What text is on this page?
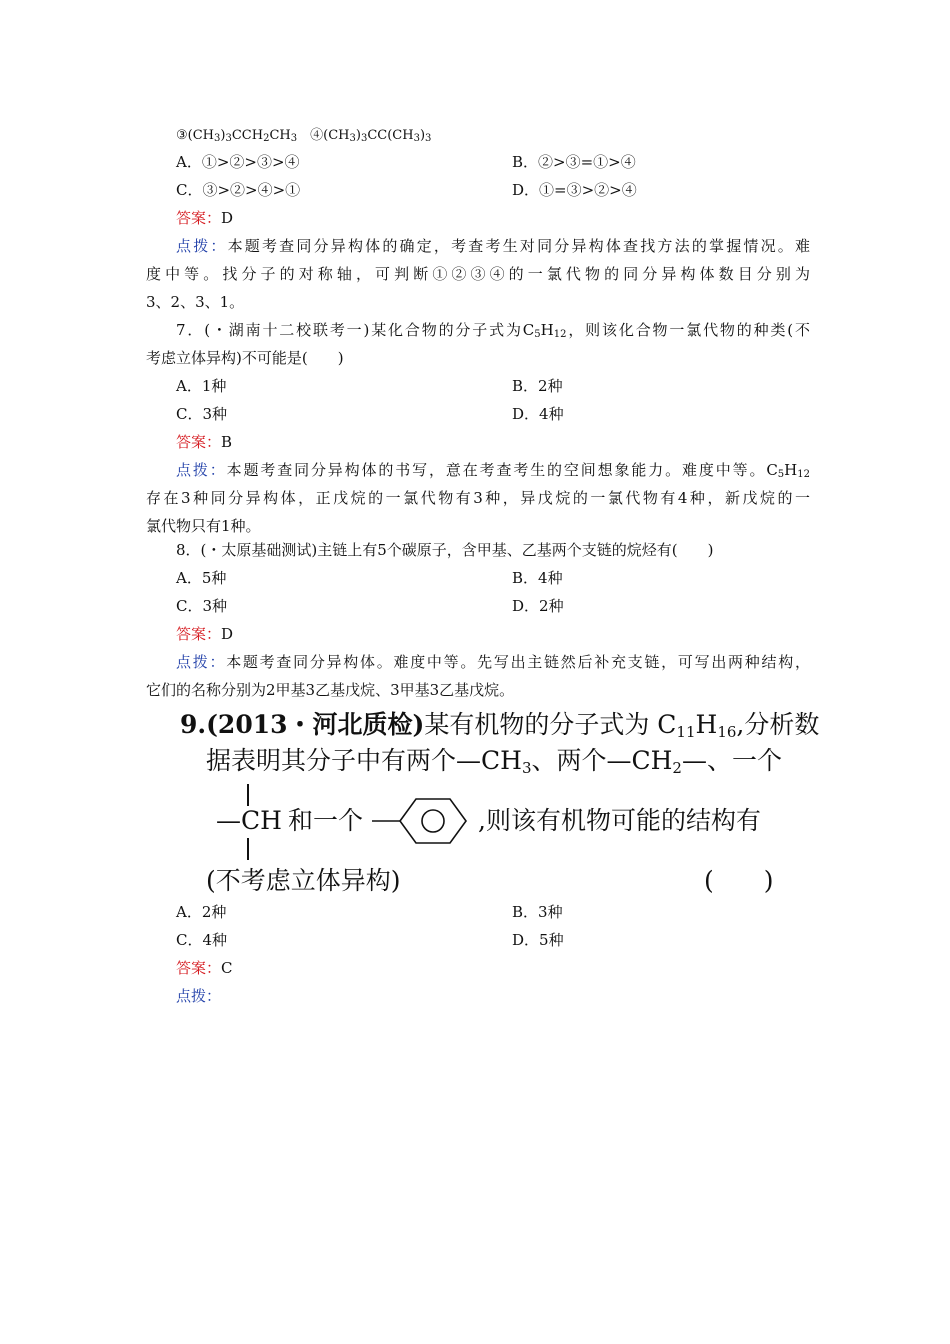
$③(CH_3)_3CCH_2CH_3$　$④(CH_3)_3CC(CH_3)_3$
A．①>②>③>④	B．②>③=①>④
C．③>②>④>①	D．①=③>②>④
答案：D
点拨：本题考查同分异构体的确定，考查考生对同分异构体查找方法的掌握情况。难
度中等。找分子的对称轴，可判断①②③④的一氯代物的同分异构体数目分别为
3、2、3、1。
7．(・湖南十二校联考一)某化合物的分子式为$C_5H_{12}$，则该化合物一氯代物的种类(不
考虑立体异构)不可能是(　　)
A．1种	B．2种
C．3种	D．4种
答案：B
点拨：本题考查同分异构体的书写，意在考查考生的空间想象能力。难度中等。$C_5H_{12}$
存在3种同分异构体，正戊烷的一氯代物有3种，异戊烷的一氯代物有4种，新戊烷的一
氯代物只有1种。
8．(・太原基础测试)主链上有5个碳原子，含甲基、乙基两个支链的烷烃有(　　)
A．5种	B．4种
C．3种	D．2种
答案：D
点拨：本题考查同分异构体。难度中等。先写出主链然后补充支链，可写出两种结构，
它们的名称分别为2甲基3乙基戊烷、3甲基3乙基戊烷。
9.(2013・河北质检)某有机物的分子式为 $C_{11}H_{16}$,分析数
据表明其分子中有两个$—CH_3$、两个$—CH_2—$、一个
—CH 和一个	,则该有机物可能的结构有
(不考虑立体异构)	(　　)
A．2种	B．3种
C．4种	D．5种
答案：C
点拨：
